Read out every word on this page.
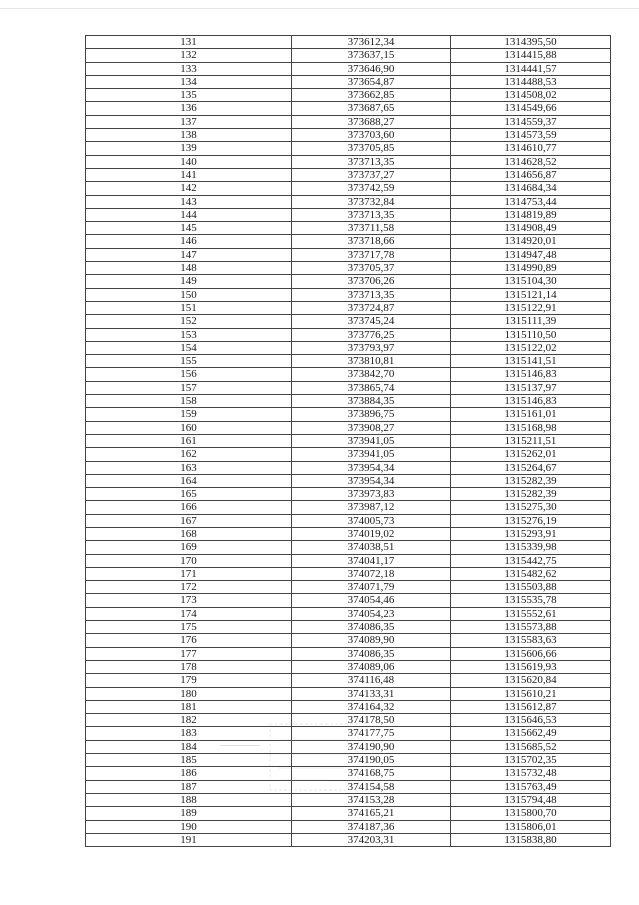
131	373612,34	1314395,50
132	373637,15	1314415,88
133	373646,90	1314441,57
134	373654,87	1314488,53
135	373662,85	1314508,02
136	373687,65	1314549,66
137	373688,27	1314559,37
138	373703,60	1314573,59
139	373705,85	1314610,77
140	373713,35	1314628,52
141	373737,27	1314656,87
142	373742,59	1314684,34
143	373732,84	1314753,44
144	373713,35	1314819,89
145	373711,58	1314908,49
146	373718,66	1314920,01
147	373717,78	1314947,48
148	373705,37	1314990,89
149	373706,26	1315104,30
150	373713,35	1315121,14
151	373724,87	1315122,91
152	373745,24	1315111,39
153	373776,25	1315110,50
154	373793,97	1315122,02
155	373810,81	1315141,51
156	373842,70	1315146,83
157	373865,74	1315137,97
158	373884,35	1315146,83
159	373896,75	1315161,01
160	373908,27	1315168,98
161	373941,05	1315211,51
162	373941,05	1315262,01
163	373954,34	1315264,67
164	373954,34	1315282,39
165	373973,83	1315282,39
166	373987,12	1315275,30
167	374005,73	1315276,19
168	374019,02	1315293,91
169	374038,51	1315339,98
170	374041,17	1315442,75
171	374072,18	1315482,62
172	374071,79	1315503,88
173	374054,46	1315535,78
174	374054,23	1315552,61
175	374086,35	1315573,88
176	374089,90	1315583,63
177	374086,35	1315606,66
178	374089,06	1315619,93
179	374116,48	1315620,84
180	374133,31	1315610,21
181	374164,32	1315612,87
182	374178,50	1315646,53
183	374177,75	1315662,49
184	374190,90	1315685,52
185	374190,05	1315702,35
186	374168,75	1315732,48
187	374154,58	1315763,49
188	374153,28	1315794,48
189	374165,21	1315800,70
190	374187,36	1315806,01
191	374203,31	1315838,80
